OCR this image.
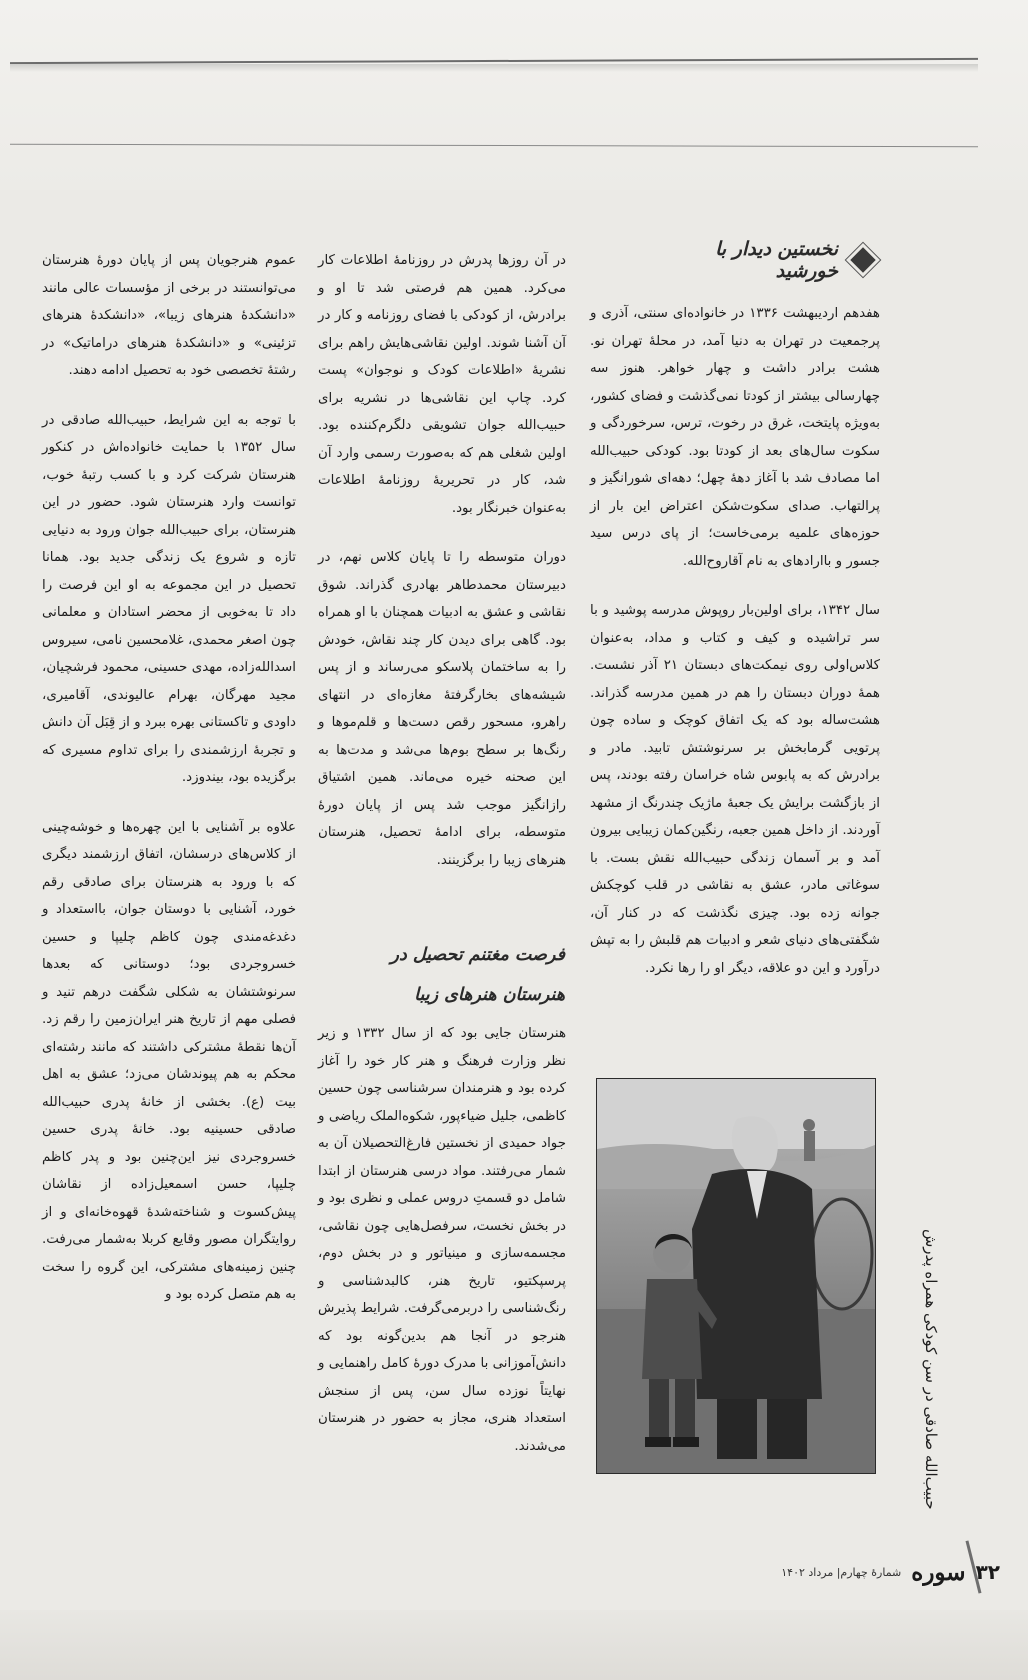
نخستین دیدار با خورشید

هفدهم اردیبهشت ۱۳۳۶ در خانواده‌ای سنتی، آذری و پرجمعیت در تهران به دنیا آمد، در محلهٔ تهران نو. هشت برادر داشت و چهار خواهر. هنوز سه چهارسالی بیشتر از کودتا نمی‌گذشت و فضای کشور، به‌ویژه پایتخت، غرق در رخوت، ترس، سرخوردگی و سکوت سال‌های بعد از کودتا بود. کودکی حبیب‌الله اما مصادف شد با آغاز دههٔ چهل؛ دهه‌ای شورانگیز و پرالتهاب. صدای سکوت‌شکن اعتراض این بار از حوزه‌های علمیه برمی‌خاست؛ از پای درس سید جسور و باارادهای به نام آقاروح‌الله.

سال ۱۳۴۲، برای اولین‌بار روپوش مدرسه پوشید و با سر تراشیده و کیف و کتاب و مداد، به‌عنوان کلاس‌اولی روی نیمکت‌های دبستان ۲۱ آذر نشست. همهٔ دوران دبستان را هم در همین مدرسه گذراند. هشت‌ساله بود که یک اتفاق کوچک و ساده چون پرتویی گرمابخش بر سرنوشتش تابید. مادر و برادرش که به پابوس شاه خراسان رفته بودند، پس از بازگشت برایش یک جعبهٔ ماژیک چندرنگ از مشهد آوردند. از داخل همین جعبه، رنگین‌کمان زیبایی بیرون آمد و بر آسمان زندگی حبیب‌الله نقش بست. با سوغاتی مادر، عشق به نقاشی در قلب کوچکش جوانه زده بود. چیزی نگذشت که در کنار آن، شگفتی‌های دنیای شعر و ادبیات هم قلبش را به تپش درآورد و این دو علاقه، دیگر او را رها نکرد.

در آن روزها پدرش در روزنامهٔ اطلاعات کار می‌کرد. همین هم فرصتی شد تا او و برادرش، از کودکی با فضای روزنامه و کار در آن آشنا شوند. اولین نقاشی‌هایش راهم برای نشریهٔ «اطلاعات کودک و نوجوان» پست کرد. چاپ این نقاشی‌ها در نشریه برای حبیب‌الله جوان تشویقی دلگرم‌کننده بود. اولین شغلی هم که به‌صورت رسمی وارد آن شد، کار در تحریریهٔ روزنامهٔ اطلاعات به‌عنوان خبرنگار بود.

دوران متوسطه را تا پایان کلاس نهم، در دبیرستان محمدطاهر بهادری گذراند. شوق نقاشی و عشق به ادبیات همچنان با او همراه بود. گاهی برای دیدن کار چند نقاش، خودش را به ساختمان پلاسکو می‌رساند و از پس شیشه‌های بخارگرفتهٔ مغازه‌ای در انتهای راهرو، مسحور رقص دست‌ها و قلم‌موها و رنگ‌ها بر سطح بوم‌ها می‌شد و مدت‌ها به این صحنه خیره می‌ماند. همین اشتیاق رازانگیز موجب شد پس از پایان دورهٔ متوسطه، برای ادامهٔ تحصیل، هنرستان هنرهای زیبا را برگزینند.

فرصت مغتنم تحصیل در
هنرستان هنرهای زیبا

هنرستان جایی بود که از سال ۱۳۳۲ و زیر نظر وزارت فرهنگ و هنر کار خود را آغاز کرده بود و هنرمندان سرشناسی چون حسین کاظمی، جلیل ضیاءپور، شکوه‌الملک ریاضی و جواد حمیدی از نخستین فارغ‌التحصیلان آن به شمار می‌رفتند. مواد درسی هنرستان از ابتدا شامل دو قسمتِ دروس عملی و نظری بود و در بخش نخست، سرفصل‌هایی چون نقاشی، مجسمه‌سازی و مینیاتور و در بخش دوم، پرسپکتیو، تاریخ هنر، کالبدشناسی و رنگ‌شناسی را دربرمی‌گرفت. شرایط پذیرش هنرجو در آنجا هم بدین‌گونه بود که دانش‌آموزانی با مدرک دورهٔ کامل راهنمایی و نهایتاً نوزده سال سن، پس از سنجش استعداد هنری، مجاز به حضور در هنرستان می‌شدند.

عموم هنرجویان پس از پایان دورهٔ هنرستان می‌توانستند در برخی از مؤسسات عالی مانند «دانشکدهٔ هنرهای زیبا»، «دانشکدهٔ هنرهای تزئینی» و «دانشکدهٔ هنرهای دراماتیک» در رشتهٔ تخصصی خود به تحصیل ادامه دهند.

با توجه به این شرایط، حبیب‌الله صادقی در سال ۱۳۵۲ با حمایت خانواده‌اش در کنکور هنرستان شرکت کرد و با کسب رتبهٔ خوب، توانست وارد هنرستان شود. حضور در این هنرستان، برای حبیب‌الله جوان ورود به دنیایی تازه و شروع یک زندگی جدید بود. همانا تحصیل در این مجموعه به او این فرصت را داد تا به‌خوبی از محضر استادان و معلمانی چون اصغر محمدی، غلامحسین نامی، سیروس اسدالله‌زاده، مهدی حسینی، محمود فرشچیان، مجید مهرگان، بهرام عالیوندی، آقامیری، داودی و تاکستانی بهره ببرد و از قِبَل آن دانش و تجربهٔ ارزشمندی را برای تداوم مسیری که برگزیده بود، بیندوزد.

علاوه بر آشنایی با این چهره‌ها و خوشه‌چینی از کلاس‌های درسشان، اتفاق ارزشمند دیگری که با ورود به هنرستان برای صادقی رقم خورد، آشنایی با دوستان جوان، بااستعداد و دغدغه‌مندی چون کاظم چلیپا و حسین خسروجردی بود؛ دوستانی که بعدها سرنوشتشان به شکلی شگفت درهم تنید و فصلی مهم از تاریخ هنر ایران‌زمین را رقم زد. آن‌ها نقطهٔ مشترکی داشتند که مانند رشته‌ای محکم به هم پیوندشان می‌زد؛ عشق به اهل بیت (ع). بخشی از خانهٔ پدری حبیب‌الله صادقی حسینیه بود. خانهٔ پدری حسین خسروجردی نیز این‌چنین بود و پدر کاظم چلیپا، حسن اسمعیل‌زاده از نقاشان پیش‌کسوت و شناخته‌شدهٔ قهوه‌خانه‌ای و از روایتگران مصور وقایع کربلا به‌شمار می‌رفت. چنین زمینه‌های مشترکی، این گروه را سخت به هم متصل کرده بود و	حبیب‌الله صادقی در سن کودکی همراه پدرش
۳۲
سوره
شمارهٔ چهارم| مرداد ۱۴۰۲
